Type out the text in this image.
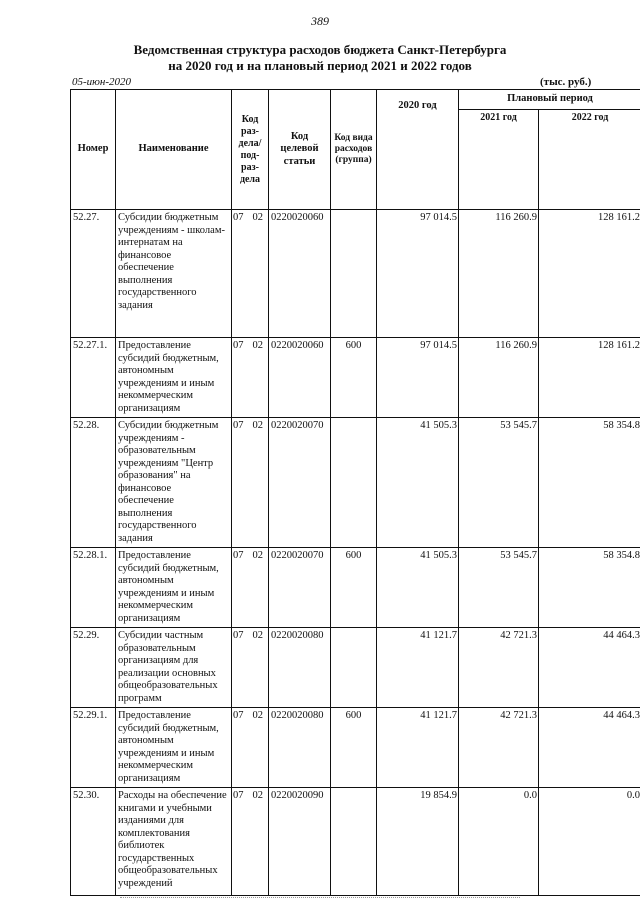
389
Ведомственная структура расходов бюджета Санкт-Петербурга
на 2020 год и на плановый период 2021 и 2022 годов
05-июн-2020	(тыс. руб.)
Номер	Наименование	Код раз- дела/ под- раз- дела	Код целевой статьи	Код вида расходов (группа)	2020 год	Плановый период	
						2021 год	2022 год
52.27.	Субсидии бюджетным учреждениям - школам-интернатам на финансовое обеспечение выполнения государственного задания	07 02	0220020060		97 014.5	116 260.9	128 161.2
52.27.1.	Предоставление субсидий бюджетным, автономным учреждениям и иным некоммерческим организациям	07 02	0220020060	600	97 014.5	116 260.9	128 161.2
52.28.	Субсидии бюджетным учреждениям - образовательным учреждениям "Центр образования" на финансовое обеспечение выполнения государственного задания	07 02	0220020070		41 505.3	53 545.7	58 354.8
52.28.1.	Предоставление субсидий бюджетным, автономным учреждениям и иным некоммерческим организациям	07 02	0220020070	600	41 505.3	53 545.7	58 354.8
52.29.	Субсидии частным образовательным организациям для реализации основных общеобразовательных программ	07 02	0220020080		41 121.7	42 721.3	44 464.3
52.29.1.	Предоставление субсидий бюджетным, автономным учреждениям и иным некоммерческим организациям	07 02	0220020080	600	41 121.7	42 721.3	44 464.3
52.30.	Расходы на обеспечение книгами и учебными изданиями для комплектования библиотек государственных общеобразовательных учреждений	07 02	0220020090		19 854.9	0.0	0.0
